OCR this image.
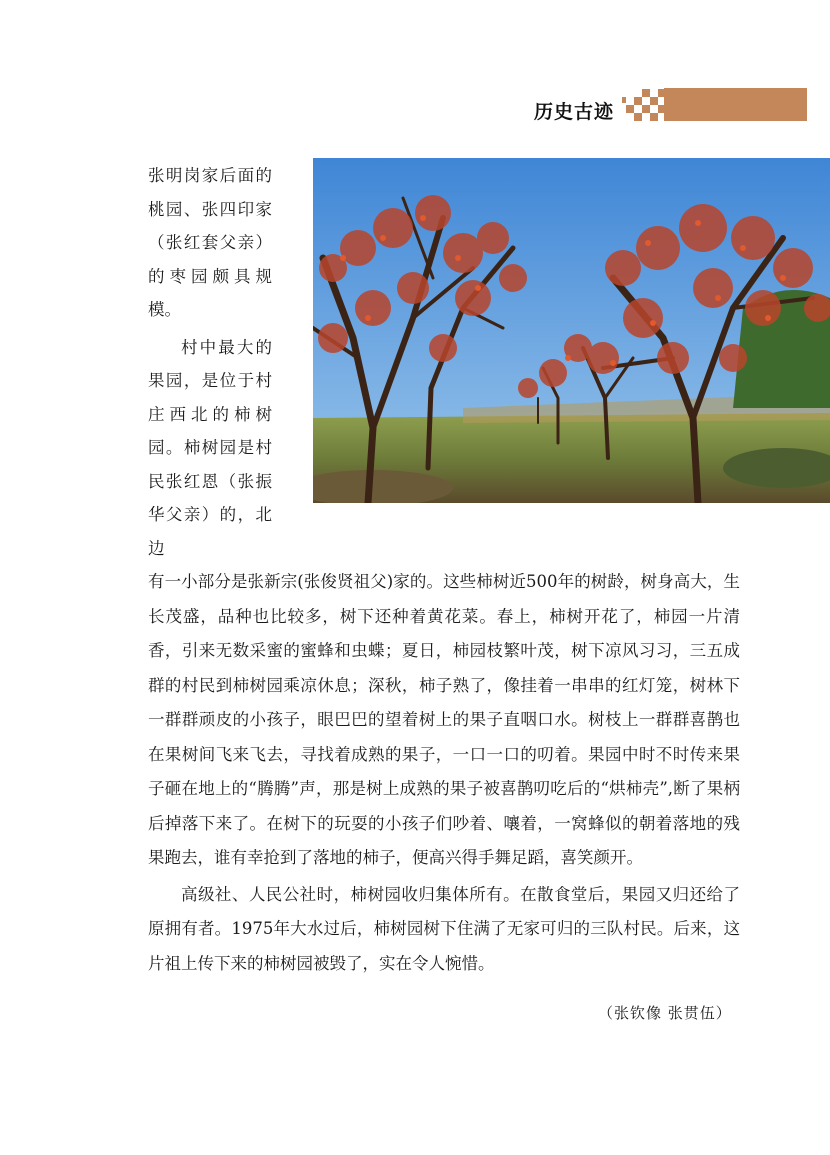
历史古迹

张明岗家后面的桃园、张四印家（张红套父亲）的枣园颇具规模。

村中最大的果园，是位于村庄西北的柿树园。柿树园是村民张红恩（张振华父亲）的，北边

有一小部分是张新宗(张俊贤祖父)家的。这些柿树近500年的树龄，树身高大，生长茂盛，品种也比较多，树下还种着黄花菜。春上，柿树开花了，柿园一片清香，引来无数采蜜的蜜蜂和虫蝶；夏日，柿园枝繁叶茂，树下凉风习习，三五成群的村民到柿树园乘凉休息；深秋，柿子熟了，像挂着一串串的红灯笼，树林下一群群顽皮的小孩子，眼巴巴的望着树上的果子直咽口水。树枝上一群群喜鹊也在果树间飞来飞去，寻找着成熟的果子，一口一口的叨着。果园中时不时传来果子砸在地上的“腾腾”声，那是树上成熟的果子被喜鹊叨吃后的“烘柿壳”,断了果柄后掉落下来了。在树下的玩耍的小孩子们吵着、嚷着，一窝蜂似的朝着落地的残果跑去，谁有幸抢到了落地的柿子，便高兴得手舞足蹈，喜笑颜开。

高级社、人民公社时，柿树园收归集体所有。在散食堂后，果园又归还给了原拥有者。1975年大水过后，柿树园树下住满了无家可归的三队村民。后来，这片祖上传下来的柿树园被毁了，实在令人惋惜。

（张钦像 张贯伍）
